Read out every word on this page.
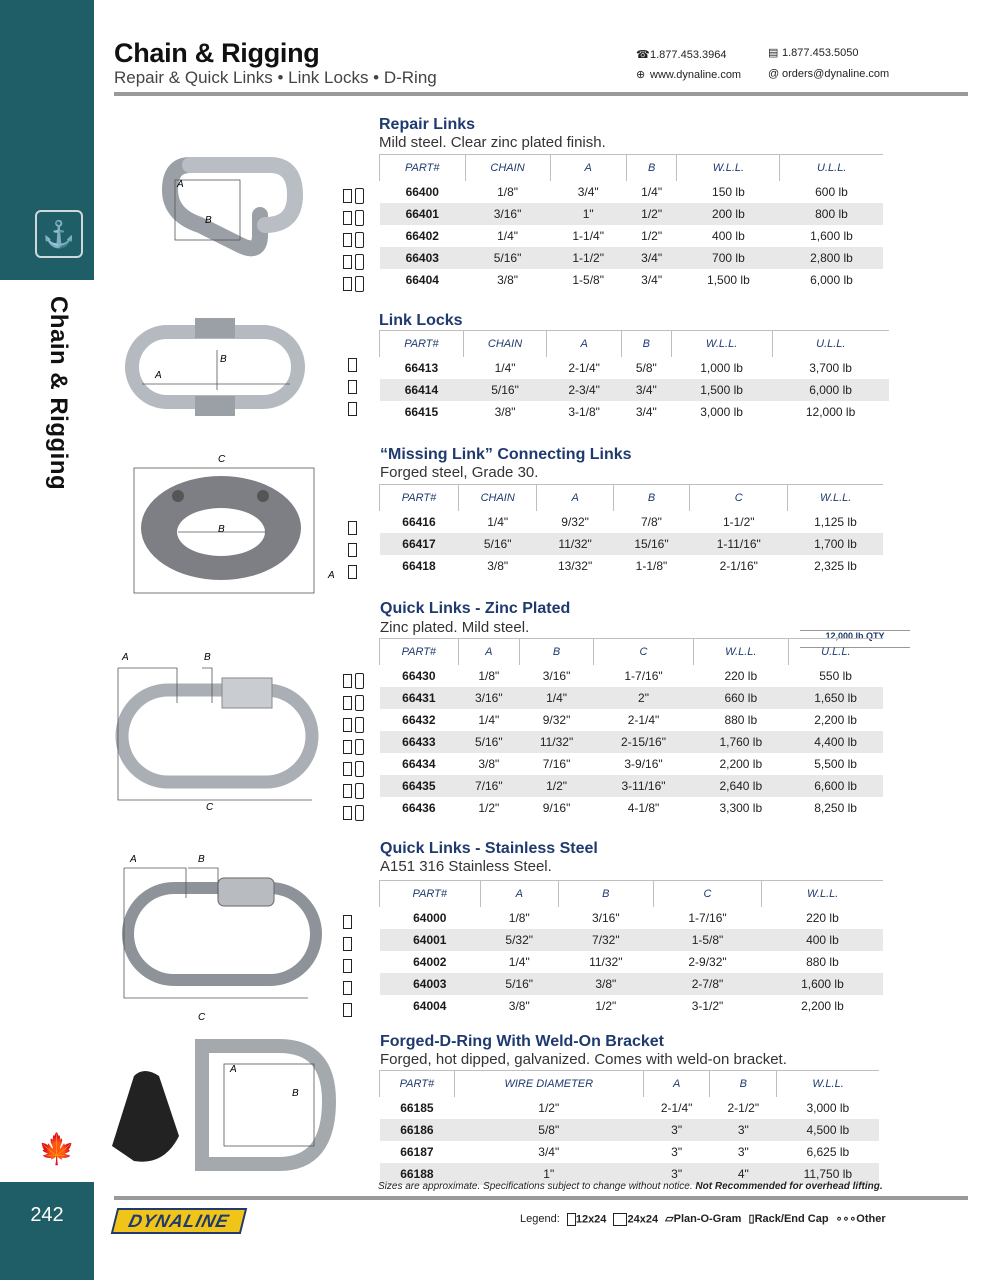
⚓
Chain & Rigging
🍁
242
Chain & Rigging
Repair & Quick Links • Link Locks • D-Ring
☎1.877.453.3964	▤ 1.877.453.5050
⊕ www.dynaline.com @ orders@dynaline.com
A
B
Repair Links
Mild steel. Clear zinc plated finish.
PART#	CHAIN	A	B	W.L.L.	U.L.L.
66400	1/8"	3/4"	1/4"	150 lb	600 lb
66401	3/16"	1"	1/2"	200 lb	800 lb
66402	1/4"	1-1/4"	1/2"	400 lb	1,600 lb
66403	5/16"	1-1/2"	3/4"	700 lb	2,800 lb
66404	3/8"	1-5/8"	3/4"	1,500 lb	6,000 lb
A
B
Link Locks
PART#	CHAIN	A	B	W.L.L.	U.L.L.
66413	1/4"	2-1/4"	5/8"	1,000 lb	3,700 lb
66414	5/16"	2-3/4"	3/4"	1,500 lb	6,000 lb
66415	3/8"	3-1/8"	3/4"	3,000 lb	12,000 lb
C
B
A
“Missing Link” Connecting Links
Forged steel, Grade 30.
PART#	CHAIN	A	B	C	W.L.L.
66416	1/4"	9/32"	7/8"	1-1/2"	1,125 lb
66417	5/16"	11/32"	15/16"	1-11/16"	1,700 lb
66418	3/8"	13/32"	1-1/8"	2-1/16"	2,325 lb
A	B
C
Quick Links - Zinc Plated
Zinc plated. Mild steel.	12,000 lb QTY
PART#	A	B	C	W.L.L.	U.L.L.
66430	1/8"	3/16"	1-7/16"	220 lb	550 lb
66431	3/16"	1/4"	2"	660 lb	1,650 lb
66432	1/4"	9/32"	2-1/4"	880 lb	2,200 lb
66433	5/16"	11/32"	2-15/16"	1,760 lb	4,400 lb
66434	3/8"	7/16"	3-9/16"	2,200 lb	5,500 lb
66435	7/16"	1/2"	3-11/16"	2,640 lb	6,600 lb
66436	1/2"	9/16"	4-1/8"	3,300 lb	8,250 lb
A	B
C
Quick Links - Stainless Steel
A151 316 Stainless Steel.
PART#	A	B	C	W.L.L.
64000	1/8"	3/16"	1-7/16"	220 lb
64001	5/32"	7/32"	1-5/8"	400 lb
64002	1/4"	11/32"	2-9/32"	880 lb
64003	5/16"	3/8"	2-7/8"	1,600 lb
64004	3/8"	1/2"	3-1/2"	2,200 lb
A
B
Forged-D-Ring With Weld-On Bracket
Forged, hot dipped, galvanized. Comes with weld-on bracket.
PART#	WIRE DIAMETER	A	B	W.L.L.
66185	1/2"	2-1/4"	2-1/2"	3,000 lb
66186	5/8"	3"	3"	4,500 lb
66187	3/4"	3"	3"	6,625 lb
66188	1"	3"	4"	11,750 lb
Sizes are approximate. Specifications subject to change without notice. Not Recommended for overhead lifting.
DYNALINE	Legend: 12x24 24x24 ▱Plan-O-Gram ▯Rack/End Cap ∘∘∘Other
